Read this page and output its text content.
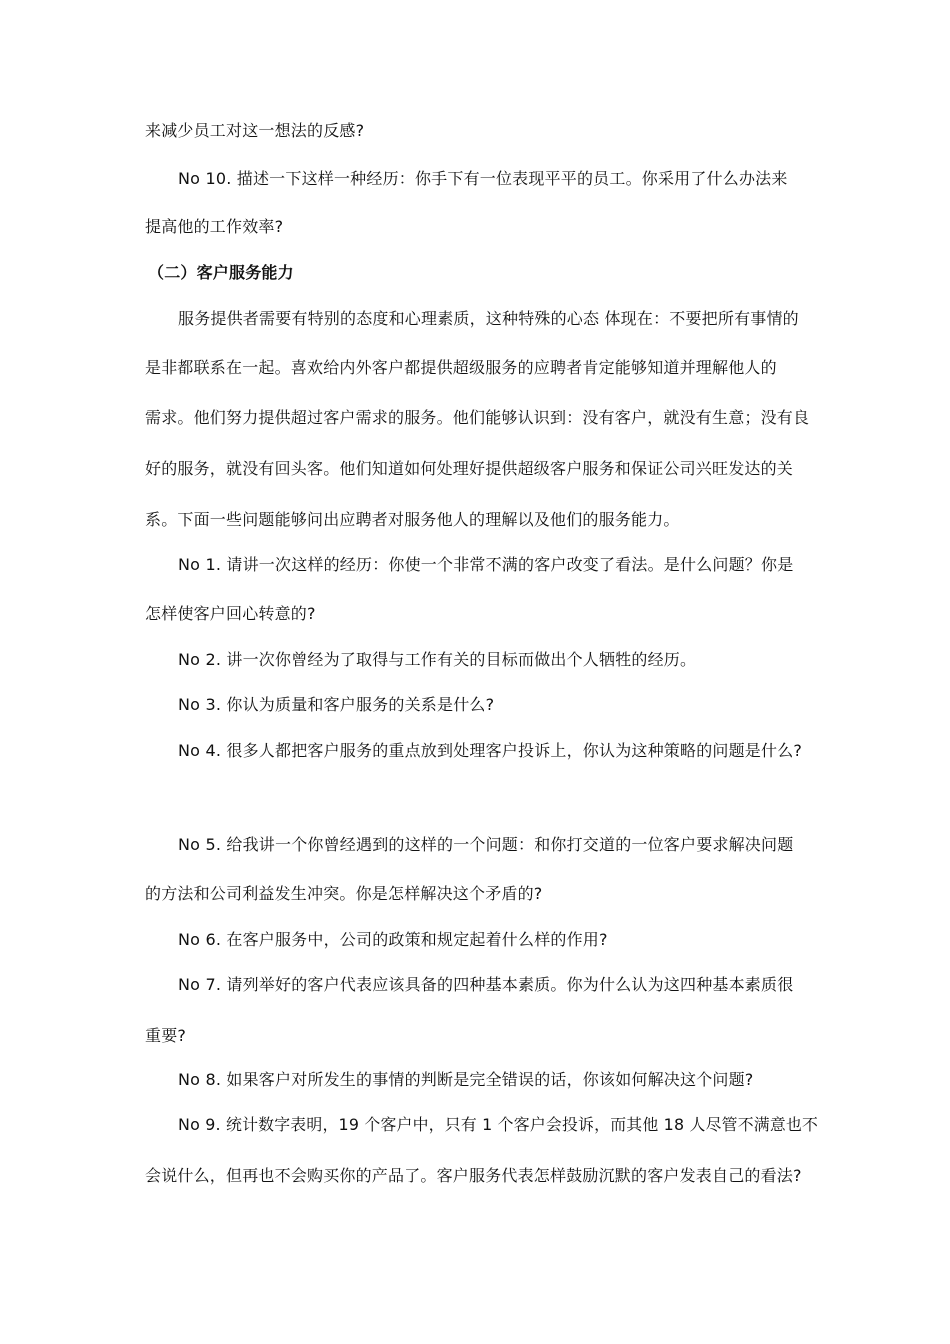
来减少员工对这一想法的反感?
No 10. 描述一下这样一种经历：你手下有一位表现平平的员工。你采用了什么办法来
提高他的工作效率?
（二）客户服务能力
服务提供者需要有特别的态度和心理素质，这种特殊的心态 体现在：不要把所有事情的
是非都联系在一起。喜欢给内外客户都提供超级服务的应聘者肯定能够知道并理解他人的
需求。他们努力提供超过客户需求的服务。他们能够认识到：没有客户，就没有生意；没有良
好的服务，就没有回头客。他们知道如何处理好提供超级客户服务和保证公司兴旺发达的关
系。下面一些问题能够问出应聘者对服务他人的理解以及他们的服务能力。
No 1. 请讲一次这样的经历：你使一个非常不满的客户改变了看法。是什么问题？你是
怎样使客户回心转意的?
No 2. 讲一次你曾经为了取得与工作有关的目标而做出个人牺牲的经历。
No 3. 你认为质量和客户服务的关系是什么?
No 4. 很多人都把客户服务的重点放到处理客户投诉上，你认为这种策略的问题是什么?
No 5. 给我讲一个你曾经遇到的这样的一个问题：和你打交道的一位客户要求解决问题
的方法和公司利益发生冲突。你是怎样解决这个矛盾的?
No 6. 在客户服务中，公司的政策和规定起着什么样的作用?
No 7. 请列举好的客户代表应该具备的四种基本素质。你为什么认为这四种基本素质很
重要?
No 8. 如果客户对所发生的事情的判断是完全错误的话，你该如何解决这个问题?
No 9. 统计数字表明，19 个客户中，只有 1 个客户会投诉，而其他 18 人尽管不满意也不
会说什么，但再也不会购买你的产品了。客户服务代表怎样鼓励沉默的客户发表自己的看法?
